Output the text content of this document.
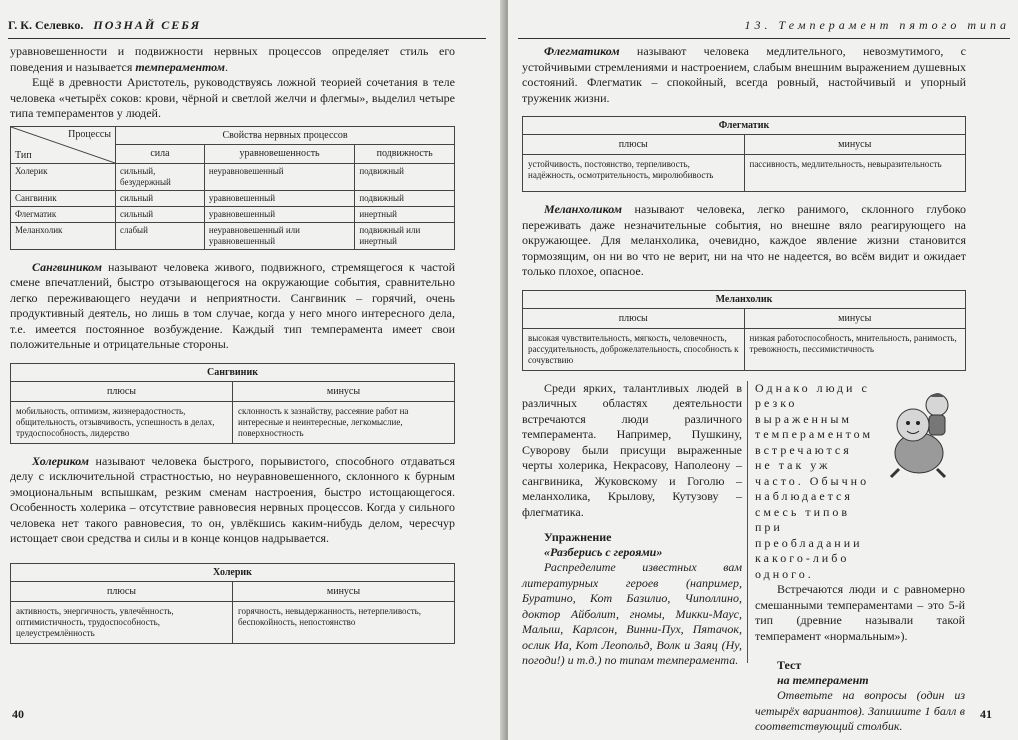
Г. К. Селевко. ПОЗНАЙ СЕБЯ

уравновешенности и подвижности нервных процессов определяет стиль его поведения и называется темпераментом.

Ещё в древности Аристотель, руководствуясь ложной теорией сочетания в теле человека «четырёх соков: крови, чёрной и светлой желчи и флегмы», выделил четыре типа темпераментов у людей.

Процессы
Тип	Свойства нервных процессов		
	сила	уравновешенность	подвижность
Холерик	сильный, безудержный	неуравновешенный	подвижный
Сангвиник	сильный	уравновешенный	подвижный
Флегматик	сильный	уравновешенный	инертный
Меланхолик	слабый	неуравновешенный или уравновешенный	подвижный или инертный

Сангвиником называют человека живого, подвижного, стремящегося к частой смене впечатлений, быстро отзывающегося на окружающие события, сравнительно легко переживающего неудачи и неприятности. Сангвиник – горячий, очень продуктивный деятель, но лишь в том случае, когда у него много интересного дела, т.е. имеется постоянное возбуждение. Каждый тип темперамента имеет свои положительные и отрицательные стороны.

Сангвиник	
плюсы	минусы
мобильность, оптимизм, жизнерадостность, общительность, отзывчивость, успешность в делах, трудоспособность, лидерство	склонность к зазнайству, рассеяние работ на интересные и неинтересные, легкомыслие, поверхностность

Холериком называют человека быстрого, порывистого, способного отдаваться делу с исключительной страстностью, но неуравновешенного, склонного к бурным эмоциональным вспышкам, резким сменам настроения, быстро истощающегося. Особенность холерика – отсутствие равновесия нервных процессов. Когда у сильного человека нет такого равновесия, то он, увлёкшись каким-нибудь делом, чересчур истощает свои средства и силы и в конце концов надрывается.

Холерик	
плюсы	минусы
активность, энергичность, увлечённость, оптимистичность, трудоспособность, целеустремлённость	горячность, невыдержанность, нетерпеливость, беспокойность, непостоянство
40
13. Темперамент пятого типа

Флегматиком называют человека медлительного, невозмутимого, с устойчивыми стремлениями и настроением, слабым внешним выражением душевных состояний. Флегматик – спокойный, всегда ровный, настойчивый и упорный труженик жизни.

Флегматик	
плюсы	минусы
устойчивость, постоянство, терпеливость, надёжность, осмотрительность, миролюбивость	пассивность, медлительность, невыразительность

Меланхоликом называют человека, легко ранимого, склонного глубоко переживать даже незначительные события, но внешне вяло реагирующего на окружающее. Для меланхолика, очевидно, каждое явление жизни становится тормозящим, он ни во что не верит, ни на что не надеется, во всём видит и ожидает только плохое, опасное.

Меланхолик	
плюсы	минусы
высокая чувствительность, мягкость, человечность, рассудительность, доброжелательность, способность к сочувствию	низкая работоспособность, мнительность, ранимость, тревожность, пессимистичность

Среди ярких, талантливых людей в различных областях деятельности встречаются люди различного темперамента. Например, Пушкину, Суворову были присущи выраженные черты холерика, Некрасову, Наполеону – сангвиника, Жуковскому и Гоголю – меланхолика, Крылову, Кутузову – флегматика.

Упражнение
«Разберись с героями»

Распределите известных вам литературных героев (например, Буратино, Кот Базилио, Чиполлино, доктор Айболит, гномы, Микки-Маус, Малыш, Карлсон, Винни-Пух, Пятачок, ослик Иа, Кот Леопольд, Волк и Заяц (Ну, погоди!) и т.д.) по типам темперамента.

Однако люди с резко выраженным темпераментом встречаются не так уж часто. Обычно наблюдается смесь типов при преобладании какого-либо одного.

Встречаются люди и с равномерно смешанными темпераментами – это 5-й тип (древние называли такой темперамент «нормальным»).

Тест
на темперамент

Ответьте на вопросы (один из четырёх вариантов). Запишите 1 балл в соответствующий столбик.

41
